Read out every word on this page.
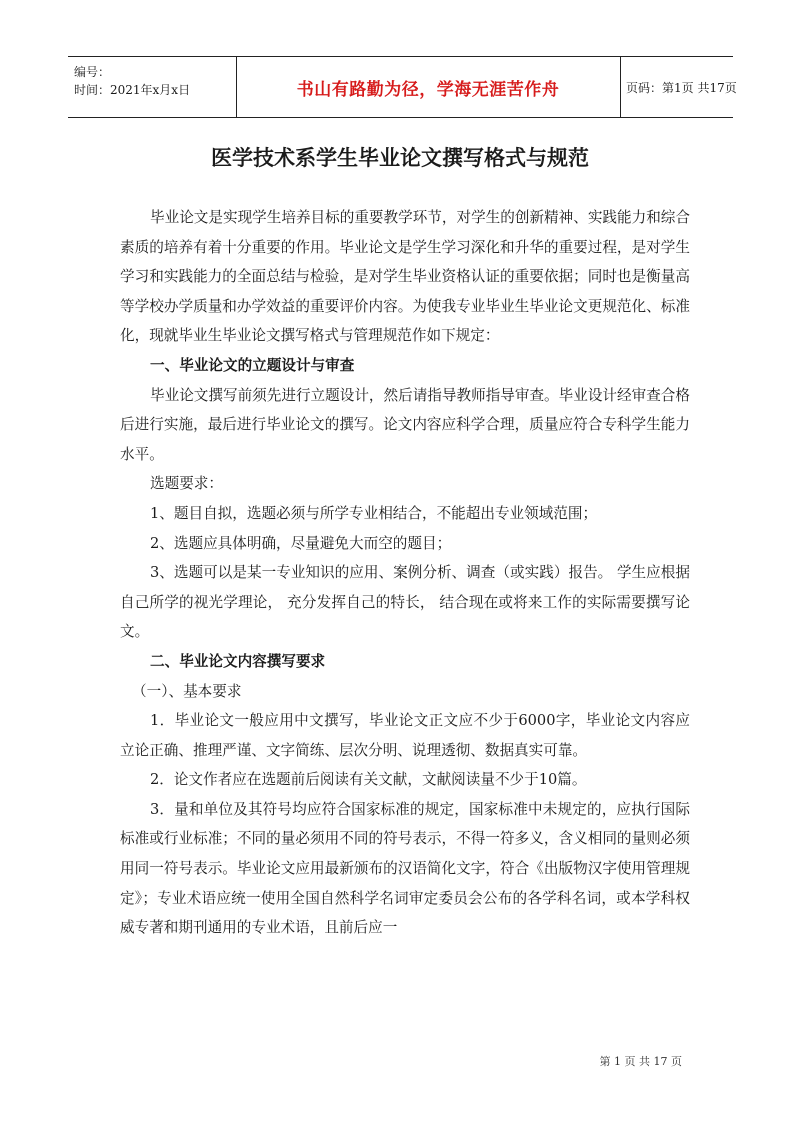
编号：
时间：2021年x月x日	书山有路勤为径，学海无涯苦作舟	页码：第1页 共17页
医学技术系学生毕业论文撰写格式与规范

毕业论文是实现学生培养目标的重要教学环节，对学生的创新精神、实践能力和综合素质的培养有着十分重要的作用。毕业论文是学生学习深化和升华的重要过程，是对学生学习和实践能力的全面总结与检验，是对学生毕业资格认证的重要依据；同时也是衡量高等学校办学质量和办学效益的重要评价内容。为使我专业毕业生毕业论文更规范化、标准化，现就毕业生毕业论文撰写格式与管理规范作如下规定：

一、毕业论文的立题设计与审查

毕业论文撰写前须先进行立题设计，然后请指导教师指导审查。毕业设计经审查合格后进行实施，最后进行毕业论文的撰写。论文内容应科学合理，质量应符合专科学生能力水平。

选题要求：

1、题目自拟，选题必须与所学专业相结合，不能超出专业领域范围；

2、选题应具体明确，尽量避免大而空的题目；

3、选题可以是某一专业知识的应用、案例分析、调查（或实践）报告。 学生应根据自己所学的视光学理论， 充分发挥自己的特长， 结合现在或将来工作的实际需要撰写论文。

二、毕业论文内容撰写要求

（一）、基本要求

1．毕业论文一般应用中文撰写，毕业论文正文应不少于6000字，毕业论文内容应立论正确、推理严谨、文字简练、层次分明、说理透彻、数据真实可靠。

2．论文作者应在选题前后阅读有关文献，文献阅读量不少于10篇。

3．量和单位及其符号均应符合国家标准的规定，国家标准中未规定的，应执行国际标准或行业标准；不同的量必须用不同的符号表示，不得一符多义，含义相同的量则必须用同一符号表示。毕业论文应用最新颁布的汉语简化文字，符合《出版物汉字使用管理规定》；专业术语应统一使用全国自然科学名词审定委员会公布的各学科名词，或本学科权威专著和期刊通用的专业术语，且前后应一

第 1 页 共 17 页
